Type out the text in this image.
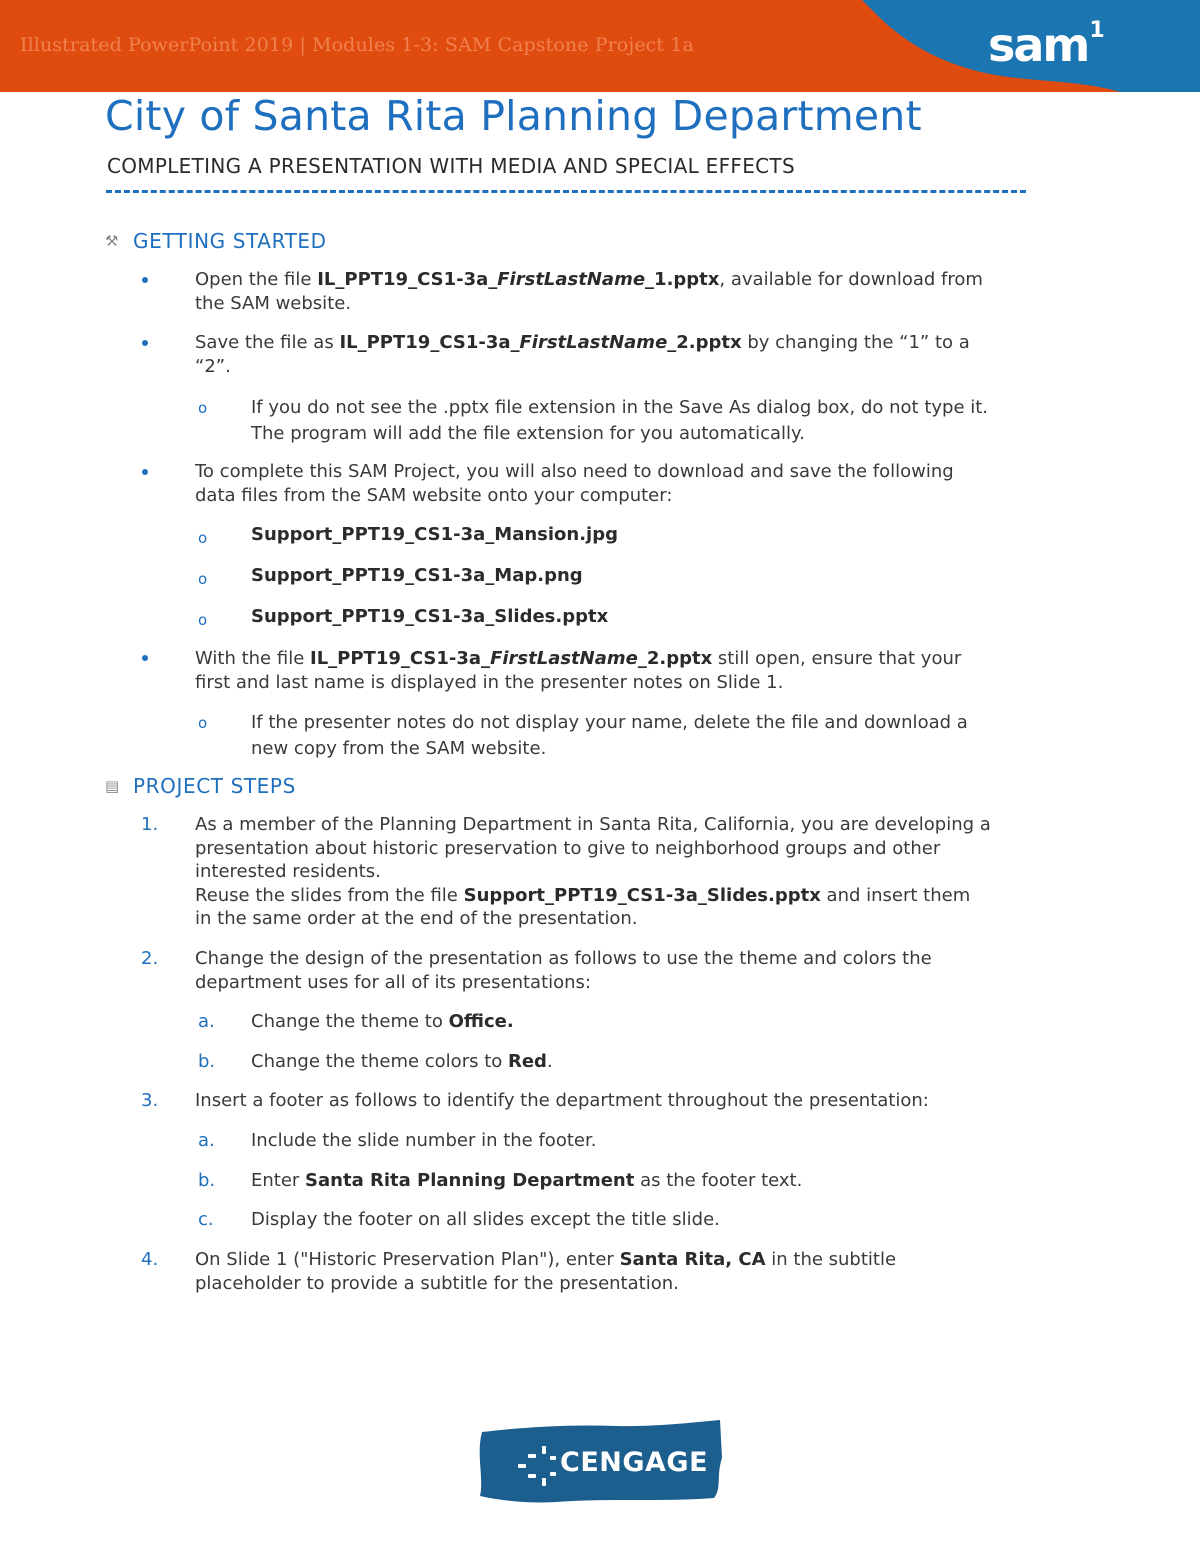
Illustrated PowerPoint 2019 | Modules 1-3: SAM Capstone Project 1a	sam$^1$
City of Santa Rita Planning Department
COMPLETING A PRESENTATION WITH MEDIA AND SPECIAL EFFECTS
⚒ GETTING STARTED
Open the file IL_PPT19_CS1-3a_FirstLastName_1.pptx, available for download from
the SAM website.
Save the file as IL_PPT19_CS1-3a_FirstLastName_2.pptx by changing the “1” to a
“2”.
o If you do not see the .pptx file extension in the Save As dialog box, do not type it.
The program will add the file extension for you automatically.
To complete this SAM Project, you will also need to download and save the following
data files from the SAM website onto your computer:
o Support_PPT19_CS1-3a_Mansion.jpg
o Support_PPT19_CS1-3a_Map.png
o Support_PPT19_CS1-3a_Slides.pptx
With the file IL_PPT19_CS1-3a_FirstLastName_2.pptx still open, ensure that your
first and last name is displayed in the presenter notes on Slide 1.
o If the presenter notes do not display your name, delete the file and download a
new copy from the SAM website.
▤ PROJECT STEPS
1. As a member of the Planning Department in Santa Rita, California, you are developing a
presentation about historic preservation to give to neighborhood groups and other
interested residents.
Reuse the slides from the file Support_PPT19_CS1-3a_Slides.pptx and insert them
in the same order at the end of the presentation.
2. Change the design of the presentation as follows to use the theme and colors the
department uses for all of its presentations:
a. Change the theme to Office.
b. Change the theme colors to Red.
3. Insert a footer as follows to identify the department throughout the presentation:
a. Include the slide number in the footer.
b. Enter Santa Rita Planning Department as the footer text.
c. Display the footer on all slides except the title slide.
4. On Slide 1 ("Historic Preservation Plan"), enter Santa Rita, CA in the subtitle
placeholder to provide a subtitle for the presentation.
CENGAGE
